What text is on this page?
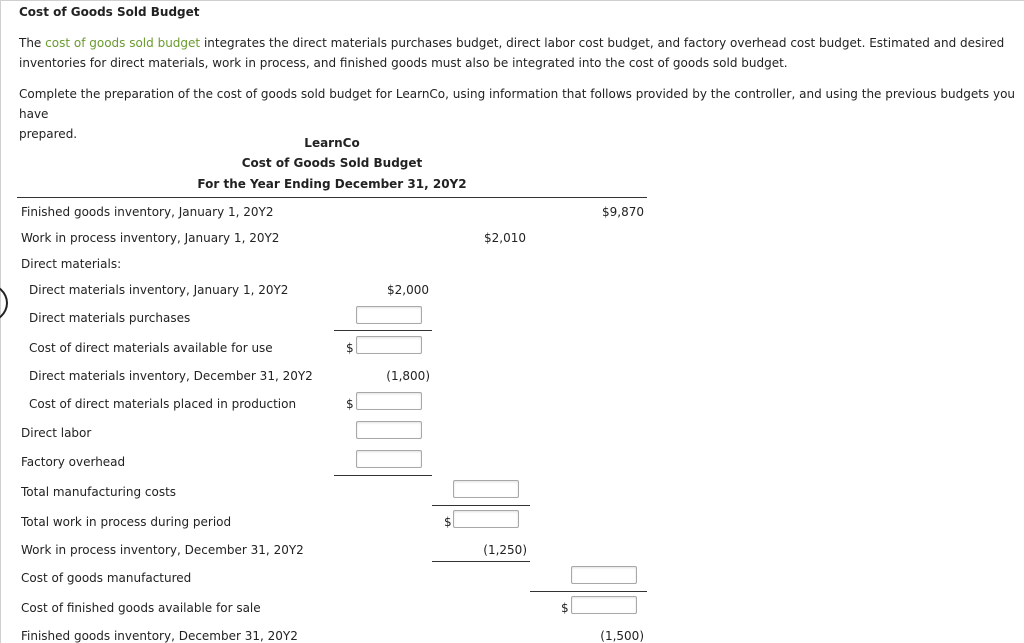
Cost of Goods Sold Budget
The cost of goods sold budget integrates the direct materials purchases budget, direct labor cost budget, and factory overhead cost budget. Estimated and desired
inventories for direct materials, work in process, and finished goods must also be integrated into the cost of goods sold budget.
Complete the preparation of the cost of goods sold budget for LearnCo, using information that follows provided by the controller, and using the previous budgets you have
prepared.
LearnCo
Cost of Goods Sold Budget
For the Year Ending December 31, 20Y2
Finished goods inventory, January 1, 20Y2	$9,870
Work in process inventory, January 1, 20Y2	$2,010
Direct materials:
Direct materials inventory, January 1, 20Y2	$2,000
Direct materials purchases
Cost of direct materials available for use	$
Direct materials inventory, December 31, 20Y2	(1,800)
Cost of direct materials placed in production	$
Direct labor
Factory overhead
Total manufacturing costs
Total work in process during period	$
Work in process inventory, December 31, 20Y2	(1,250)
Cost of goods manufactured
Cost of finished goods available for sale	$
Finished goods inventory, December 31, 20Y2	(1,500)
